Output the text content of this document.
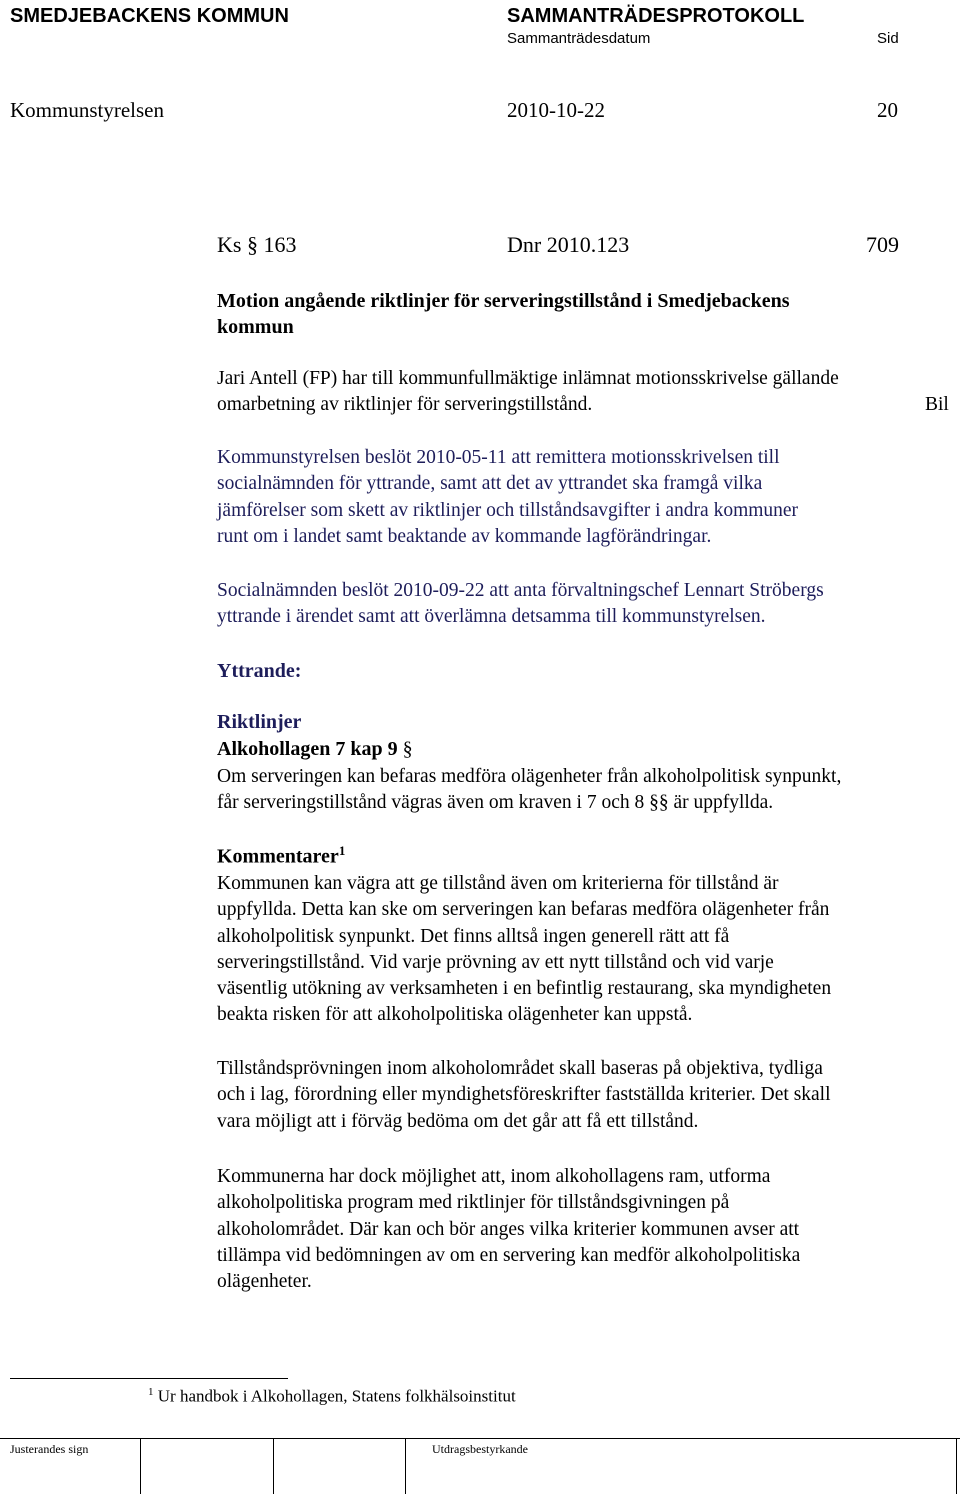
SMEDJEBACKENS KOMMUN	SAMMANTRÄDESPROTOKOLL
Sammanträdesdatum	Sid
Kommunstyrelsen	2010-10-22	20
Ks § 163	Dnr 2010.123	709
Motion angående riktlinjer för serveringstillstånd i Smedjebackens
kommun
Jari Antell (FP) har till kommunfullmäktige inlämnat motionsskrivelse gällande
omarbetning av riktlinjer för serveringstillstånd.	Bil
Kommunstyrelsen beslöt 2010-05-11 att remittera motionsskrivelsen till
socialnämnden för yttrande, samt att det av yttrandet ska framgå vilka
jämförelser som skett av riktlinjer och tillståndsavgifter i andra kommuner
runt om i landet samt beaktande av kommande lagförändringar.
Socialnämnden beslöt 2010-09-22 att anta förvaltningschef Lennart Ströbergs
yttrande i ärendet samt att överlämna detsamma till kommunstyrelsen.
Yttrande:
Riktlinjer
Alkohollagen 7 kap 9 §
Om serveringen kan befaras medföra olägenheter från alkoholpolitisk synpunkt,
får serveringstillstånd vägras även om kraven i 7 och 8 §§ är uppfyllda.
Kommentarer$^1$
Kommunen kan vägra att ge tillstånd även om kriterierna för tillstånd är
uppfyllda. Detta kan ske om serveringen kan befaras medföra olägenheter från
alkoholpolitisk synpunkt. Det finns alltså ingen generell rätt att få
serveringstillstånd. Vid varje prövning av ett nytt tillstånd och vid varje
väsentlig utökning av verksamheten i en befintlig restaurang, ska myndigheten
beakta risken för att alkoholpolitiska olägenheter kan uppstå.
Tillståndsprövningen inom alkoholområdet skall baseras på objektiva, tydliga
och i lag, förordning eller myndighetsföreskrifter fastställda kriterier. Det skall
vara möjligt att i förväg bedöma om det går att få ett tillstånd.
Kommunerna har dock möjlighet att, inom alkohollagens ram, utforma
alkoholpolitiska program med riktlinjer för tillståndsgivningen på
alkoholområdet. Där kan och bör anges vilka kriterier kommunen avser att
tillämpa vid bedömningen av om en servering kan medför alkoholpolitiska
olägenheter.
$^1$ Ur handbok i Alkohollagen, Statens folkhälsoinstitut
Justerandes sign	Utdragsbestyrkande
